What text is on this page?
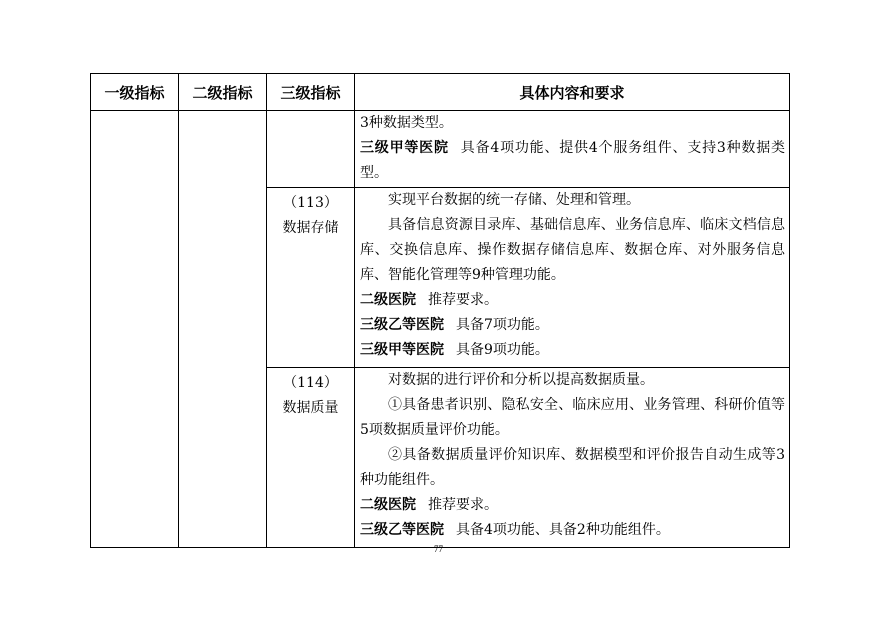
一级指标	二级指标	三级指标	具体内容和要求

			3种数据类型。
三级甲等医院 具备4项功能、提供4个服务组件、支持3种数据类型。

		（113）
数据存储	实现平台数据的统一存储、处理和管理。
具备信息资源目录库、基础信息库、业务信息库、临床文档信息库、交换信息库、操作数据存储信息库、数据仓库、对外服务信息库、智能化管理等9种管理功能。
二级医院 推荐要求。
三级乙等医院 具备7项功能。
三级甲等医院 具备9项功能。

		（114）
数据质量	对数据的进行评价和分析以提高数据质量。
①具备患者识别、隐私安全、临床应用、业务管理、科研价值等5项数据质量评价功能。
②具备数据质量评价知识库、数据模型和评价报告自动生成等3种功能组件。
二级医院 推荐要求。
三级乙等医院 具备4项功能、具备2种功能组件。
77
